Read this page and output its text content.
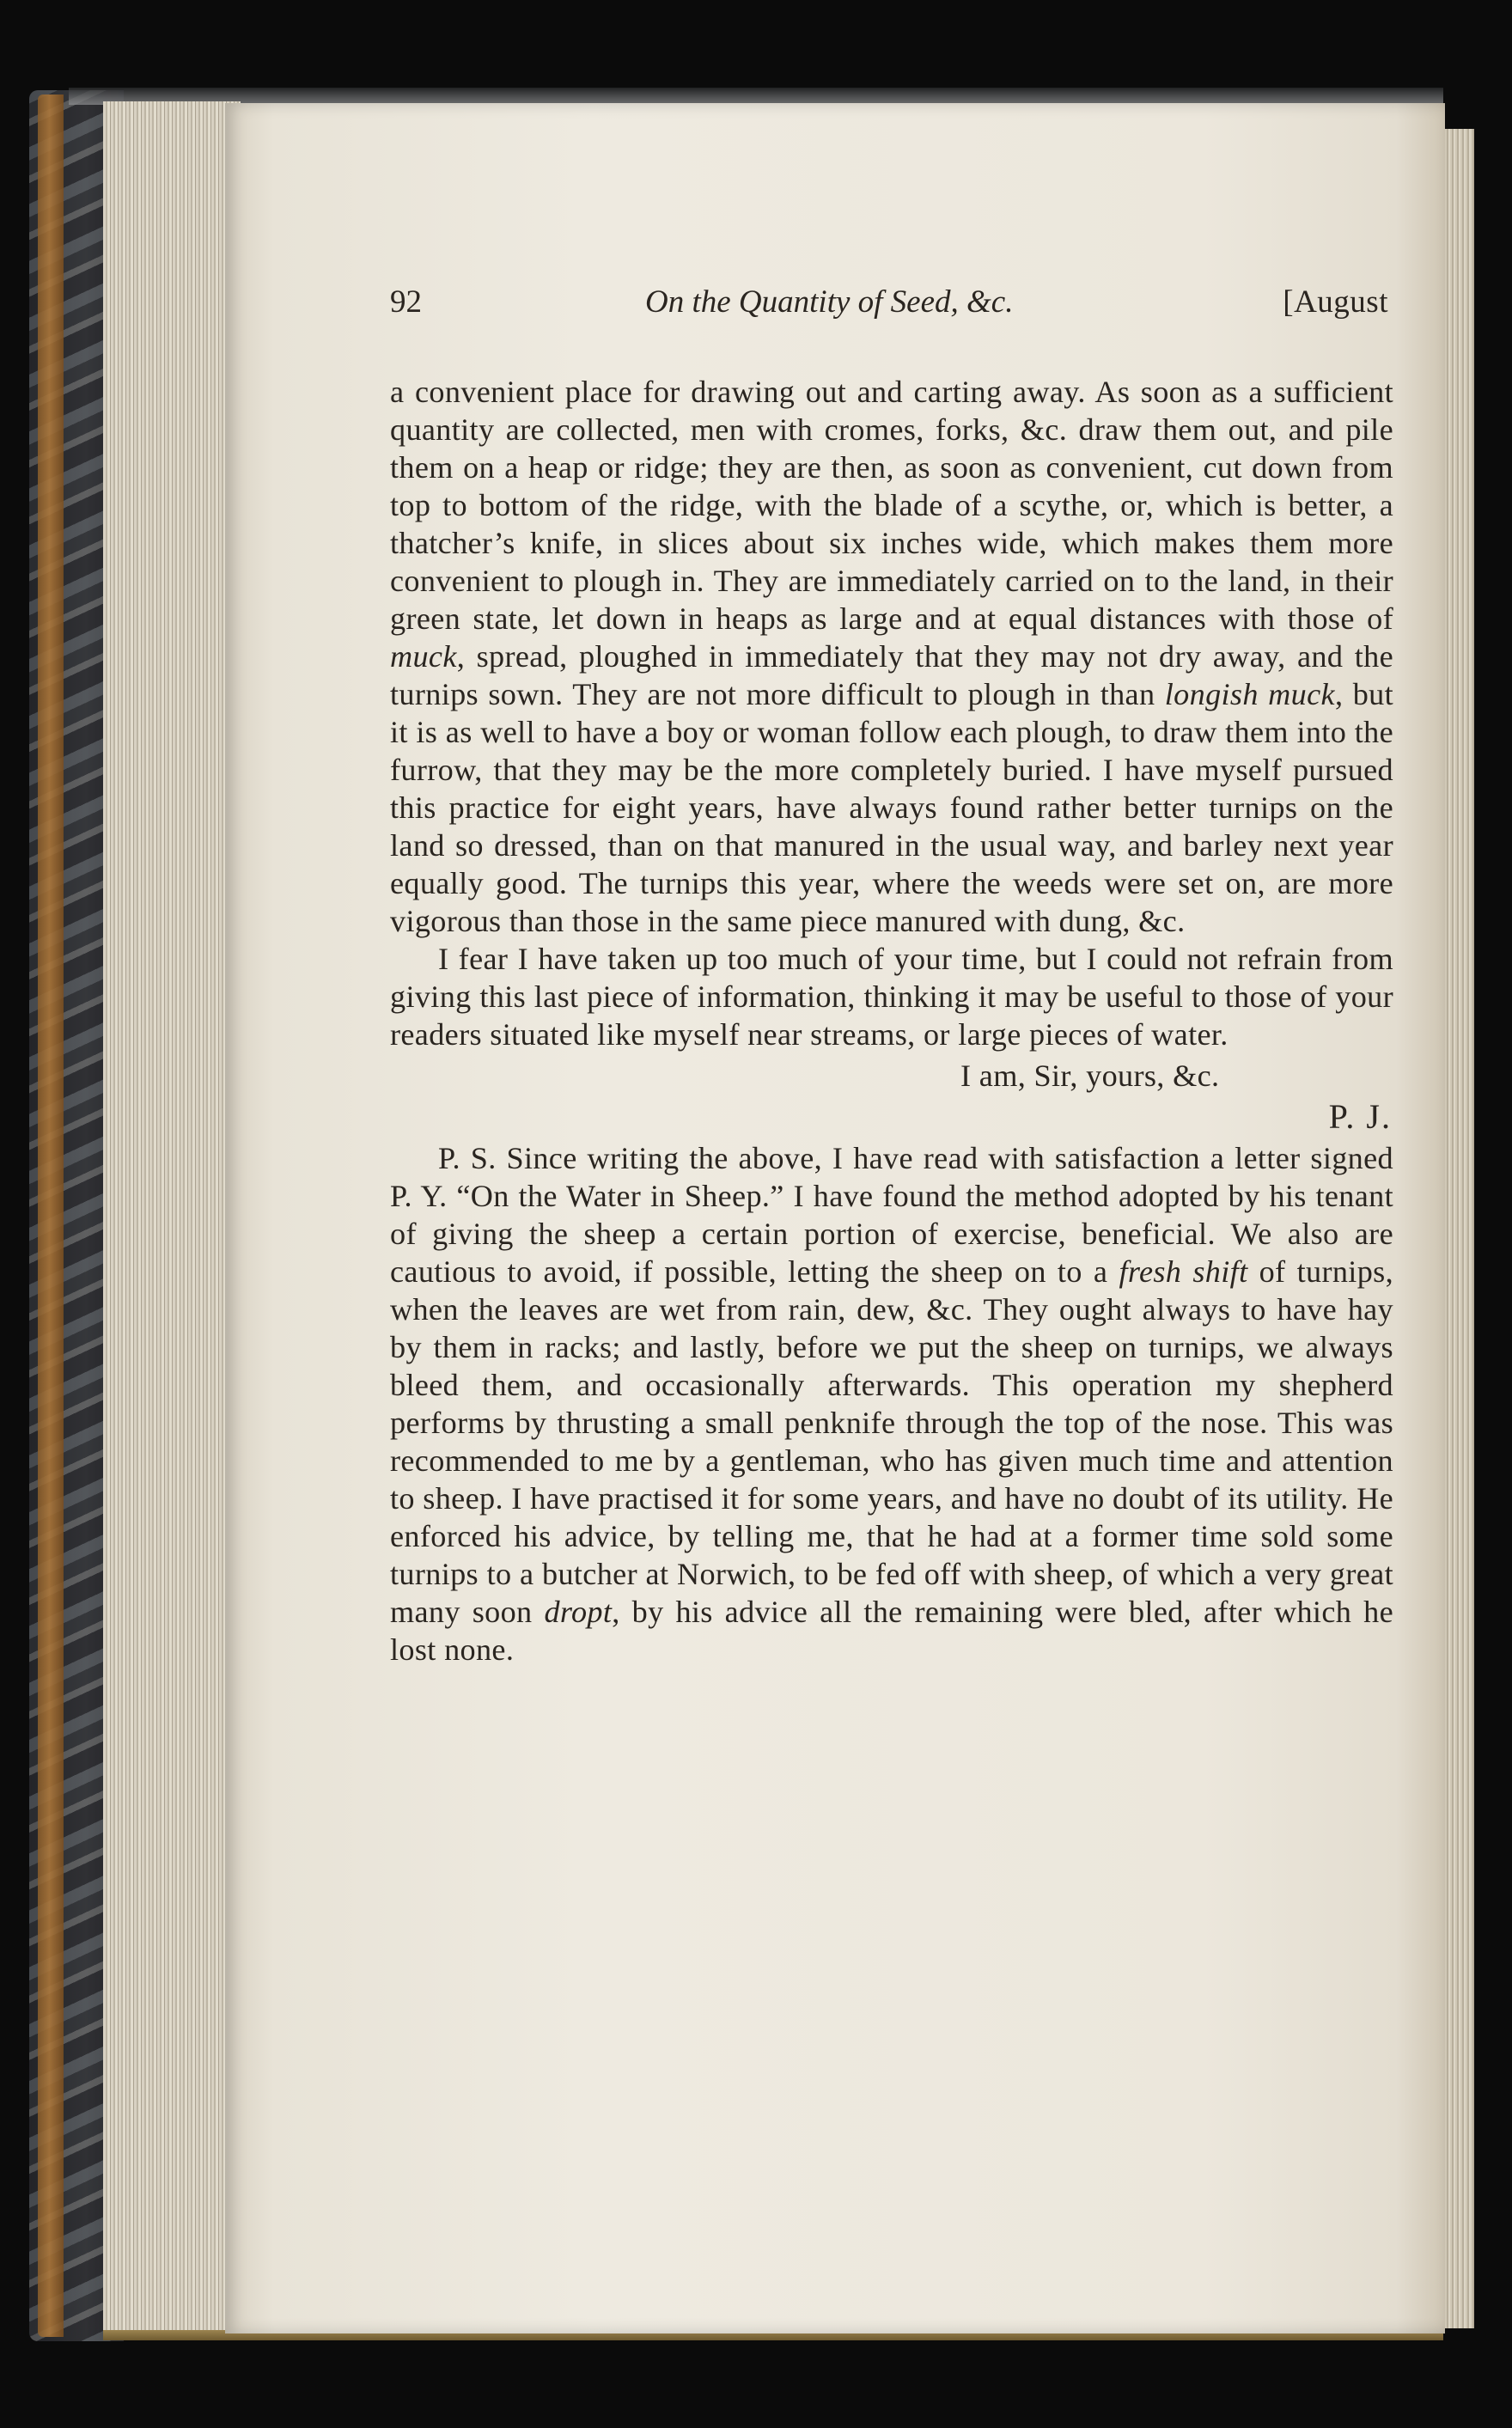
92	On the Quantity of Seed, &c.	[August

a convenient place for drawing out and carting away. As soon as a sufficient quantity are collected, men with cromes, forks, &c. draw them out, and pile them on a heap or ridge; they are then, as soon as convenient, cut down from top to bottom of the ridge, with the blade of a scythe, or, which is better, a thatcher’s knife, in slices about six inches wide, which makes them more convenient to plough in. They are immediately carried on to the land, in their green state, let down in heaps as large and at equal distances with those of muck, spread, ploughed in immediately that they may not dry away, and the turnips sown. They are not more difficult to plough in than longish muck, but it is as well to have a boy or woman follow each plough, to draw them into the furrow, that they may be the more completely buried. I have myself pursued this practice for eight years, have always found rather better turnips on the land so dressed, than on that manured in the usual way, and barley next year equally good. The turnips this year, where the weeds were set on, are more vigorous than those in the same piece manured with dung, &c.

I fear I have taken up too much of your time, but I could not refrain from giving this last piece of information, thinking it may be useful to those of your readers situated like myself near streams, or large pieces of water.

I am, Sir, yours, &c.
P. J.

P. S. Since writing the above, I have read with satisfaction a letter signed P. Y. “On the Water in Sheep.” I have found the method adopted by his tenant of giving the sheep a certain portion of exercise, beneficial. We also are cautious to avoid, if possible, letting the sheep on to a fresh shift of turnips, when the leaves are wet from rain, dew, &c. They ought always to have hay by them in racks; and lastly, before we put the sheep on turnips, we always bleed them, and occasionally afterwards. This operation my shepherd performs by thrusting a small penknife through the top of the nose. This was recommended to me by a gentleman, who has given much time and attention to sheep. I have practised it for some years, and have no doubt of its utility. He enforced his advice, by telling me, that he had at a former time sold some turnips to a butcher at Norwich, to be fed off with sheep, of which a very great many soon dropt, by his advice all the remaining were bled, after which he lost none.
